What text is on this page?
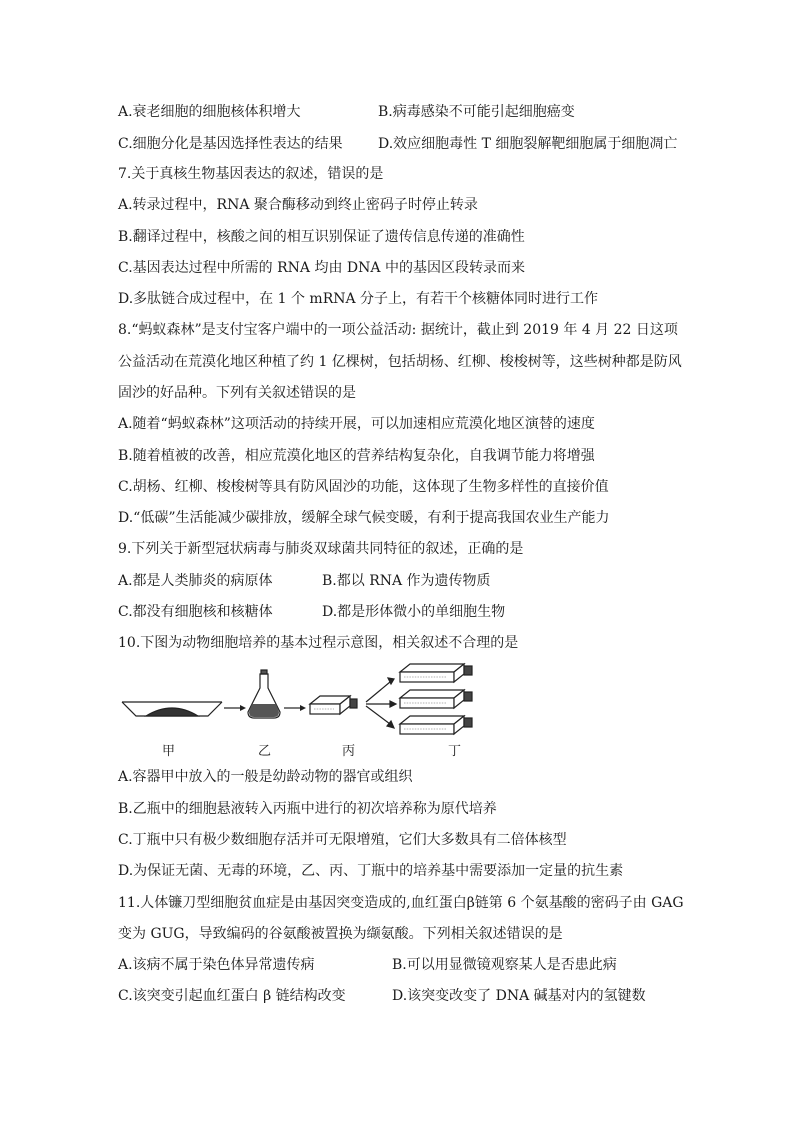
A.衰老细胞的细胞核体积增大	B.病毒感染不可能引起细胞癌变
C.细胞分化是基因选择性表达的结果	D.效应细胞毒性 T 细胞裂解靶细胞属于细胞凋亡
7.关于真核生物基因表达的叙述，错误的是
A.转录过程中，RNA 聚合酶移动到终止密码子时停止转录
B.翻译过程中，核酸之间的相互识别保证了遗传信息传递的准确性
C.基因表达过程中所需的 RNA 均由 DNA 中的基因区段转录而来
D.多肽链合成过程中，在 1 个 mRNA 分子上，有若干个核糖体同时进行工作
8.“蚂蚁森林”是支付宝客户端中的一项公益活动: 据统计，截止到 2019 年 4 月 22 日这项
公益活动在荒漠化地区种植了约 1 亿棵树，包括胡杨、红柳、梭梭树等，这些树种都是防风
固沙的好品种。下列有关叙述错误的是
A.随着“蚂蚁森林”这项活动的持续开展，可以加速相应荒漠化地区演替的速度
B.随着植被的改善，相应荒漠化地区的营养结构复杂化，自我调节能力将增强
C.胡杨、红柳、梭梭树等具有防风固沙的功能，这体现了生物多样性的直接价值
D.“低碳”生活能减少碳排放，缓解全球气候变暖，有利于提高我国农业生产能力
9.下列关于新型冠状病毒与肺炎双球菌共同特征的叙述，正确的是
A.都是人类肺炎的病原体	B.都以 RNA 作为遗传物质
C.都没有细胞核和核糖体	D.都是形体微小的单细胞生物
10.下图为动物细胞培养的基本过程示意图，相关叙述不合理的是
甲	乙	丙	丁
A.容器甲中放入的一般是幼龄动物的器官或组织
B.乙瓶中的细胞悬液转入丙瓶中进行的初次培养称为原代培养
C.丁瓶中只有极少数细胞存活并可无限增殖，它们大多数具有二倍体核型
D.为保证无菌、无毒的环境，乙、丙、丁瓶中的培养基中需要添加一定量的抗生素
11.人体镰刀型细胞贫血症是由基因突变造成的,血红蛋白β链第 6 个氨基酸的密码子由 GAG
变为 GUG，导致编码的谷氨酸被置换为缬氨酸。下列相关叙述错误的是
A.该病不属于染色体异常遗传病	B.可以用显微镜观察某人是否患此病
C.该突变引起血红蛋白 β 链结构改变	D.该突变改变了 DNA 碱基对内的氢键数
